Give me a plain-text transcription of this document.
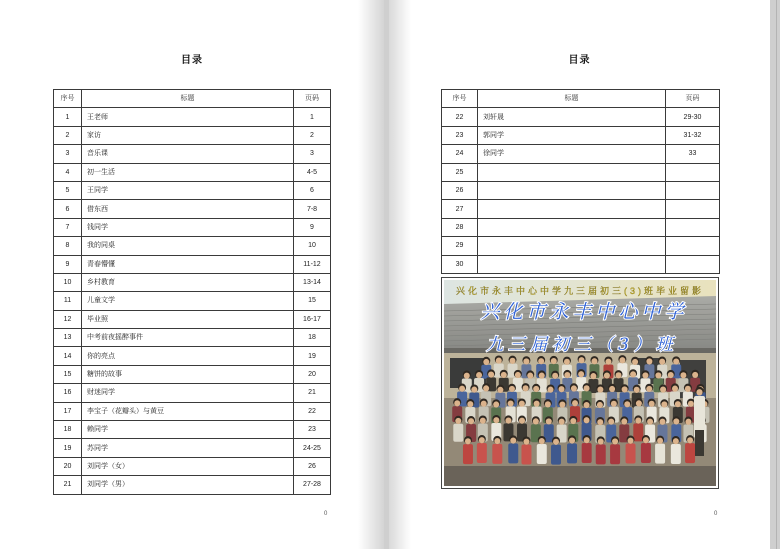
目录
序号	标题	页码
1	王老师	1
2	家访	2
3	音乐课	3
4	初一生活	4-5
5	王同学	6
6	借东西	7-8
7	钱同学	9
8	我的同桌	10
9	青春懵懂	11-12
10	乡村教育	13-14
11	儿童文学	15
12	毕业照	16-17
13	中考前夜摇醉事件	18
14	你的亮点	19
15	糖饼的故事	20
16	财迷同学	21
17	李宝子（花瓣头）与黄豆	22
18	赖同学	23
19	苏同学	24-25
20	刘同学（女）	26
21	刘同学（男）	27-28
0
目录
序号	标题	页码
22	刘轩晟	29-30
23	郭同学	31-32
24	徐同学	33
25		
26		
27		
28		
29		
30		
兴化市永丰中心中学九三届初三(3)班毕业留影
兴化市永丰中心中学
九三届初三（3）班
0
